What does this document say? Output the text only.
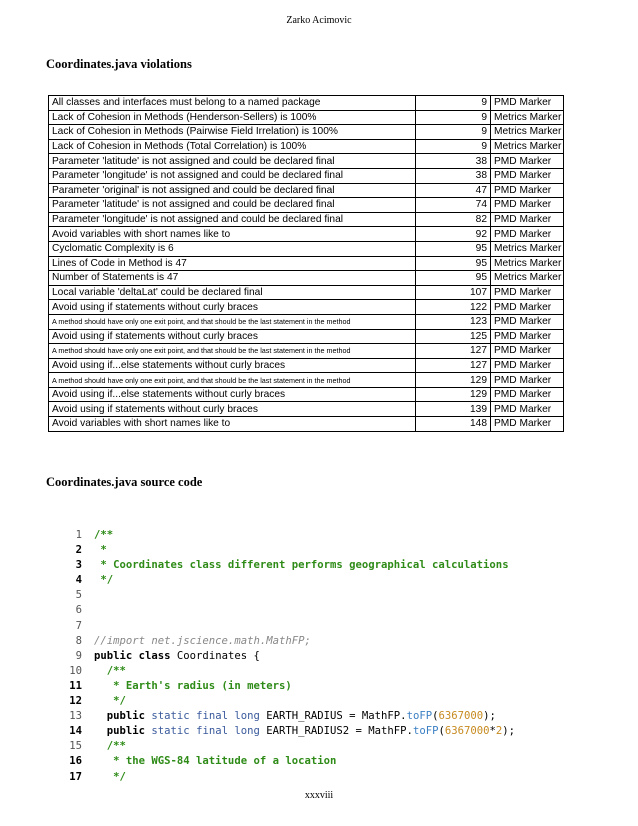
Zarko Acimovic
Coordinates.java violations
All classes and interfaces must belong to a named package	9	PMD Marker
Lack of Cohesion in Methods (Henderson-Sellers) is 100%	9	Metrics Marker
Lack of Cohesion in Methods (Pairwise Field Irrelation) is 100%	9	Metrics Marker
Lack of Cohesion in Methods (Total Correlation) is 100%	9	Metrics Marker
Parameter 'latitude' is not assigned and could be declared final	38	PMD Marker
Parameter 'longitude' is not assigned and could be declared final	38	PMD Marker
Parameter 'original' is not assigned and could be declared final	47	PMD Marker
Parameter 'latitude' is not assigned and could be declared final	74	PMD Marker
Parameter 'longitude' is not assigned and could be declared final	82	PMD Marker
Avoid variables with short names like to	92	PMD Marker
Cyclomatic Complexity is 6	95	Metrics Marker
Lines of Code in Method is 47	95	Metrics Marker
Number of Statements is 47	95	Metrics Marker
Local variable 'deltaLat' could be declared final	107	PMD Marker
Avoid using if statements without curly braces	122	PMD Marker
A method should have only one exit point, and that should be the last statement in the method	123	PMD Marker
Avoid using if statements without curly braces	125	PMD Marker
A method should have only one exit point, and that should be the last statement in the method	127	PMD Marker
Avoid using if...else statements without curly braces	127	PMD Marker
A method should have only one exit point, and that should be the last statement in the method	129	PMD Marker
Avoid using if...else statements without curly braces	129	PMD Marker
Avoid using if statements without curly braces	139	PMD Marker
Avoid variables with short names like to	148	PMD Marker
Coordinates.java source code
1 /**
2 *
3 * Coordinates class different performs geographical calculations
4 */
5
6
7
8 //import net.jscience.math.MathFP;
9 public class Coordinates {
10  /**
11   * Earth's radius (in meters)
12   */
13  public static final long EARTH_RADIUS = MathFP.toFP(6367000);
14  public static final long EARTH_RADIUS2 = MathFP.toFP(6367000*2);
15  /**
16   * the WGS-84 latitude of a location
17   */
xxxviii
